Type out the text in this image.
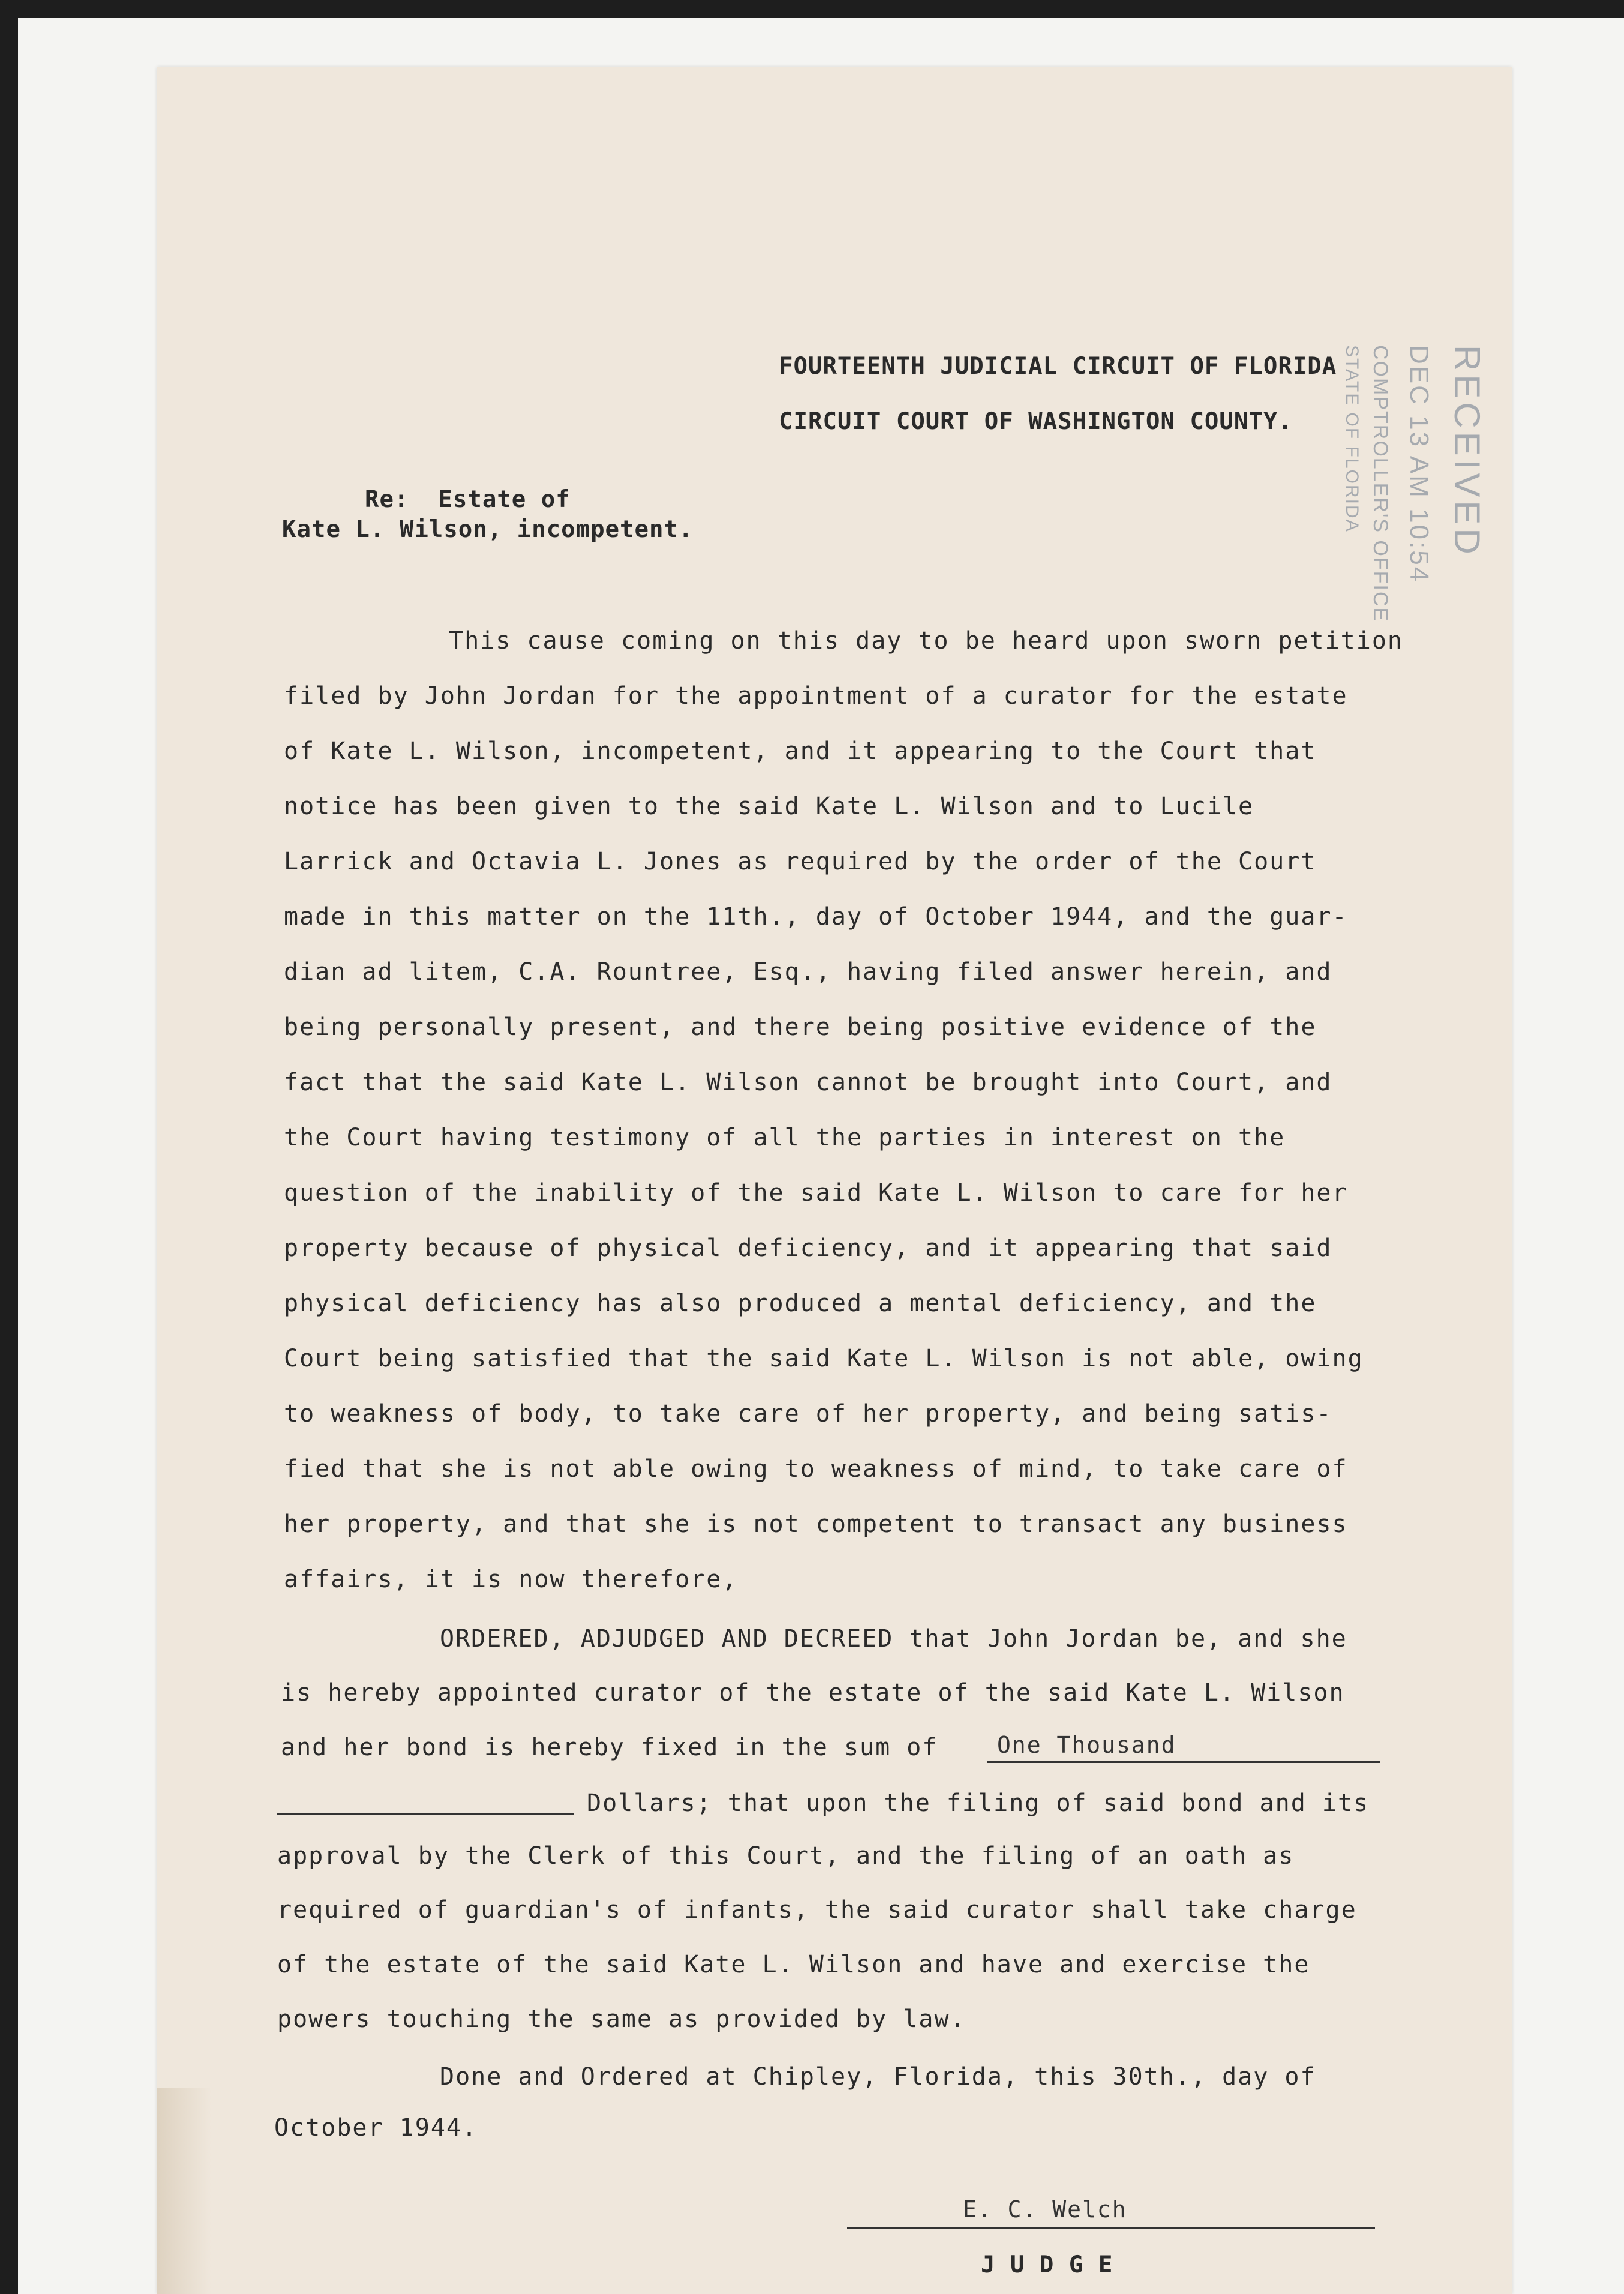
FOURTEENTH JUDICIAL CIRCUIT OF FLORIDA
CIRCUIT COURT OF WASHINGTON COUNTY.	RECEIVED
DEC 13 AM 10:54
COMPTROLLER'S OFFICE
STATE OF FLORIDA
Re:  Estate of
Kate L. Wilson, incompetent.
This cause coming on this day to be heard upon sworn petition
filed by John Jordan for the appointment of a curator for the estate
of Kate L. Wilson, incompetent, and it appearing to the Court that
notice has been given to the said Kate L. Wilson and to Lucile
Larrick and Octavia L. Jones as required by the order of the Court
made in this matter on the 11th., day of October 1944, and the guar-
dian ad litem, C.A. Rountree, Esq., having filed answer herein, and
being personally present, and there being positive evidence of the
fact that the said Kate L. Wilson cannot be brought into Court, and
the Court having testimony of all the parties in interest on the
question of the inability of the said Kate L. Wilson to care for her
property because of physical deficiency, and it appearing that said
physical deficiency has also produced a mental deficiency, and the
Court being satisfied that the said Kate L. Wilson is not able, owing
to weakness of body, to take care of her property, and being satis-
fied that she is not able owing to weakness of mind, to take care of
her property, and that she is not competent to transact any business
affairs, it is now therefore,
ORDERED, ADJUDGED AND DECREED that John Jordan be, and she
is hereby appointed curator of the estate of the said Kate L. Wilson
and her bond is hereby fixed in the sum of	One Thousand
Dollars; that upon the filing of said bond and its
approval by the Clerk of this Court, and the filing of an oath as
required of guardian's of infants, the said curator shall take charge
of the estate of the said Kate L. Wilson and have and exercise the
powers touching the same as provided by law.
Done and Ordered at Chipley, Florida, this 30th., day of
October 1944.
E. C. Welch
J U D G E
